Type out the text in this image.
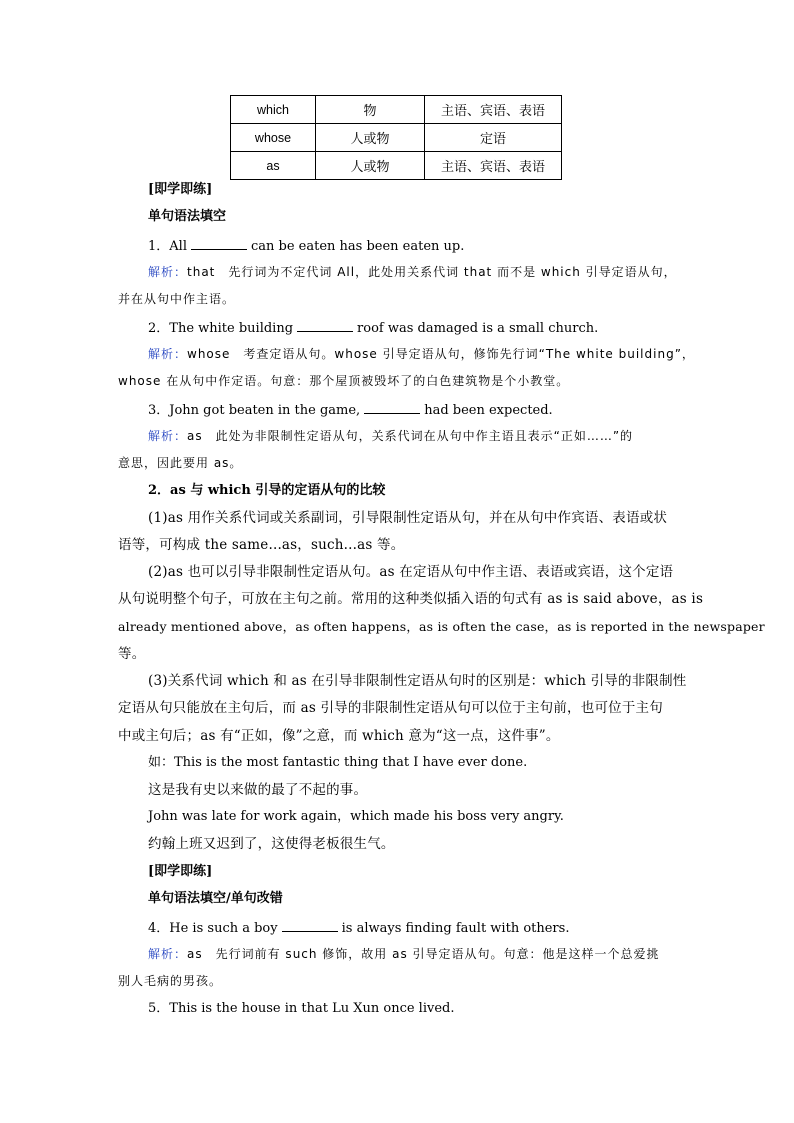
which	物	主语、宾语、表语
whose	人或物	定语
as	人或物	主语、宾语、表语
[即学即练]
单句语法填空
1．All	can be eaten has been eaten up.
解析：that　先行词为不定代词 All，此处用关系代词 that 而不是 which 引导定语从句，
并在从句中作主语。
2．The white building	roof was damaged is a small church.
解析：whose　考查定语从句。whose 引导定语从句，修饰先行词“The white building”，
whose 在从句中作定语。句意：那个屋顶被毁坏了的白色建筑物是个小教堂。
3．John got beaten in the game,	had been expected.
解析：as　此处为非限制性定语从句，关系代词在从句中作主语且表示“正如……”的
意思，因此要用 as。
2．as 与 which 引导的定语从句的比较
(1)as 用作关系代词或关系副词，引导限制性定语从句，并在从句中作宾语、表语或状
语等，可构成 the same...as，such...as 等。
(2)as 也可以引导非限制性定语从句。as 在定语从句中作主语、表语或宾语，这个定语
从句说明整个句子，可放在主句之前。常用的这种类似插入语的句式有 as is said above，as is
already mentioned above，as often happens，as is often the case，as is reported in the newspaper
等。
(3)关系代词 which 和 as 在引导非限制性定语从句时的区别是：which 引导的非限制性
定语从句只能放在主句后，而 as 引导的非限制性定语从句可以位于主句前，也可位于主句
中或主句后；as 有“正如，像”之意，而 which 意为“这一点，这件事”。
如：This is the most fantastic thing that I have ever done.
这是我有史以来做的最了不起的事。
John was late for work again，which made his boss very angry.
约翰上班又迟到了，这使得老板很生气。
[即学即练]
单句语法填空/单句改错
4．He is such a boy	is always finding fault with others.
解析：as　先行词前有 such 修饰，故用 as 引导定语从句。句意：他是这样一个总爱挑
别人毛病的男孩。
5．This is the house in that Lu Xun once lived.
